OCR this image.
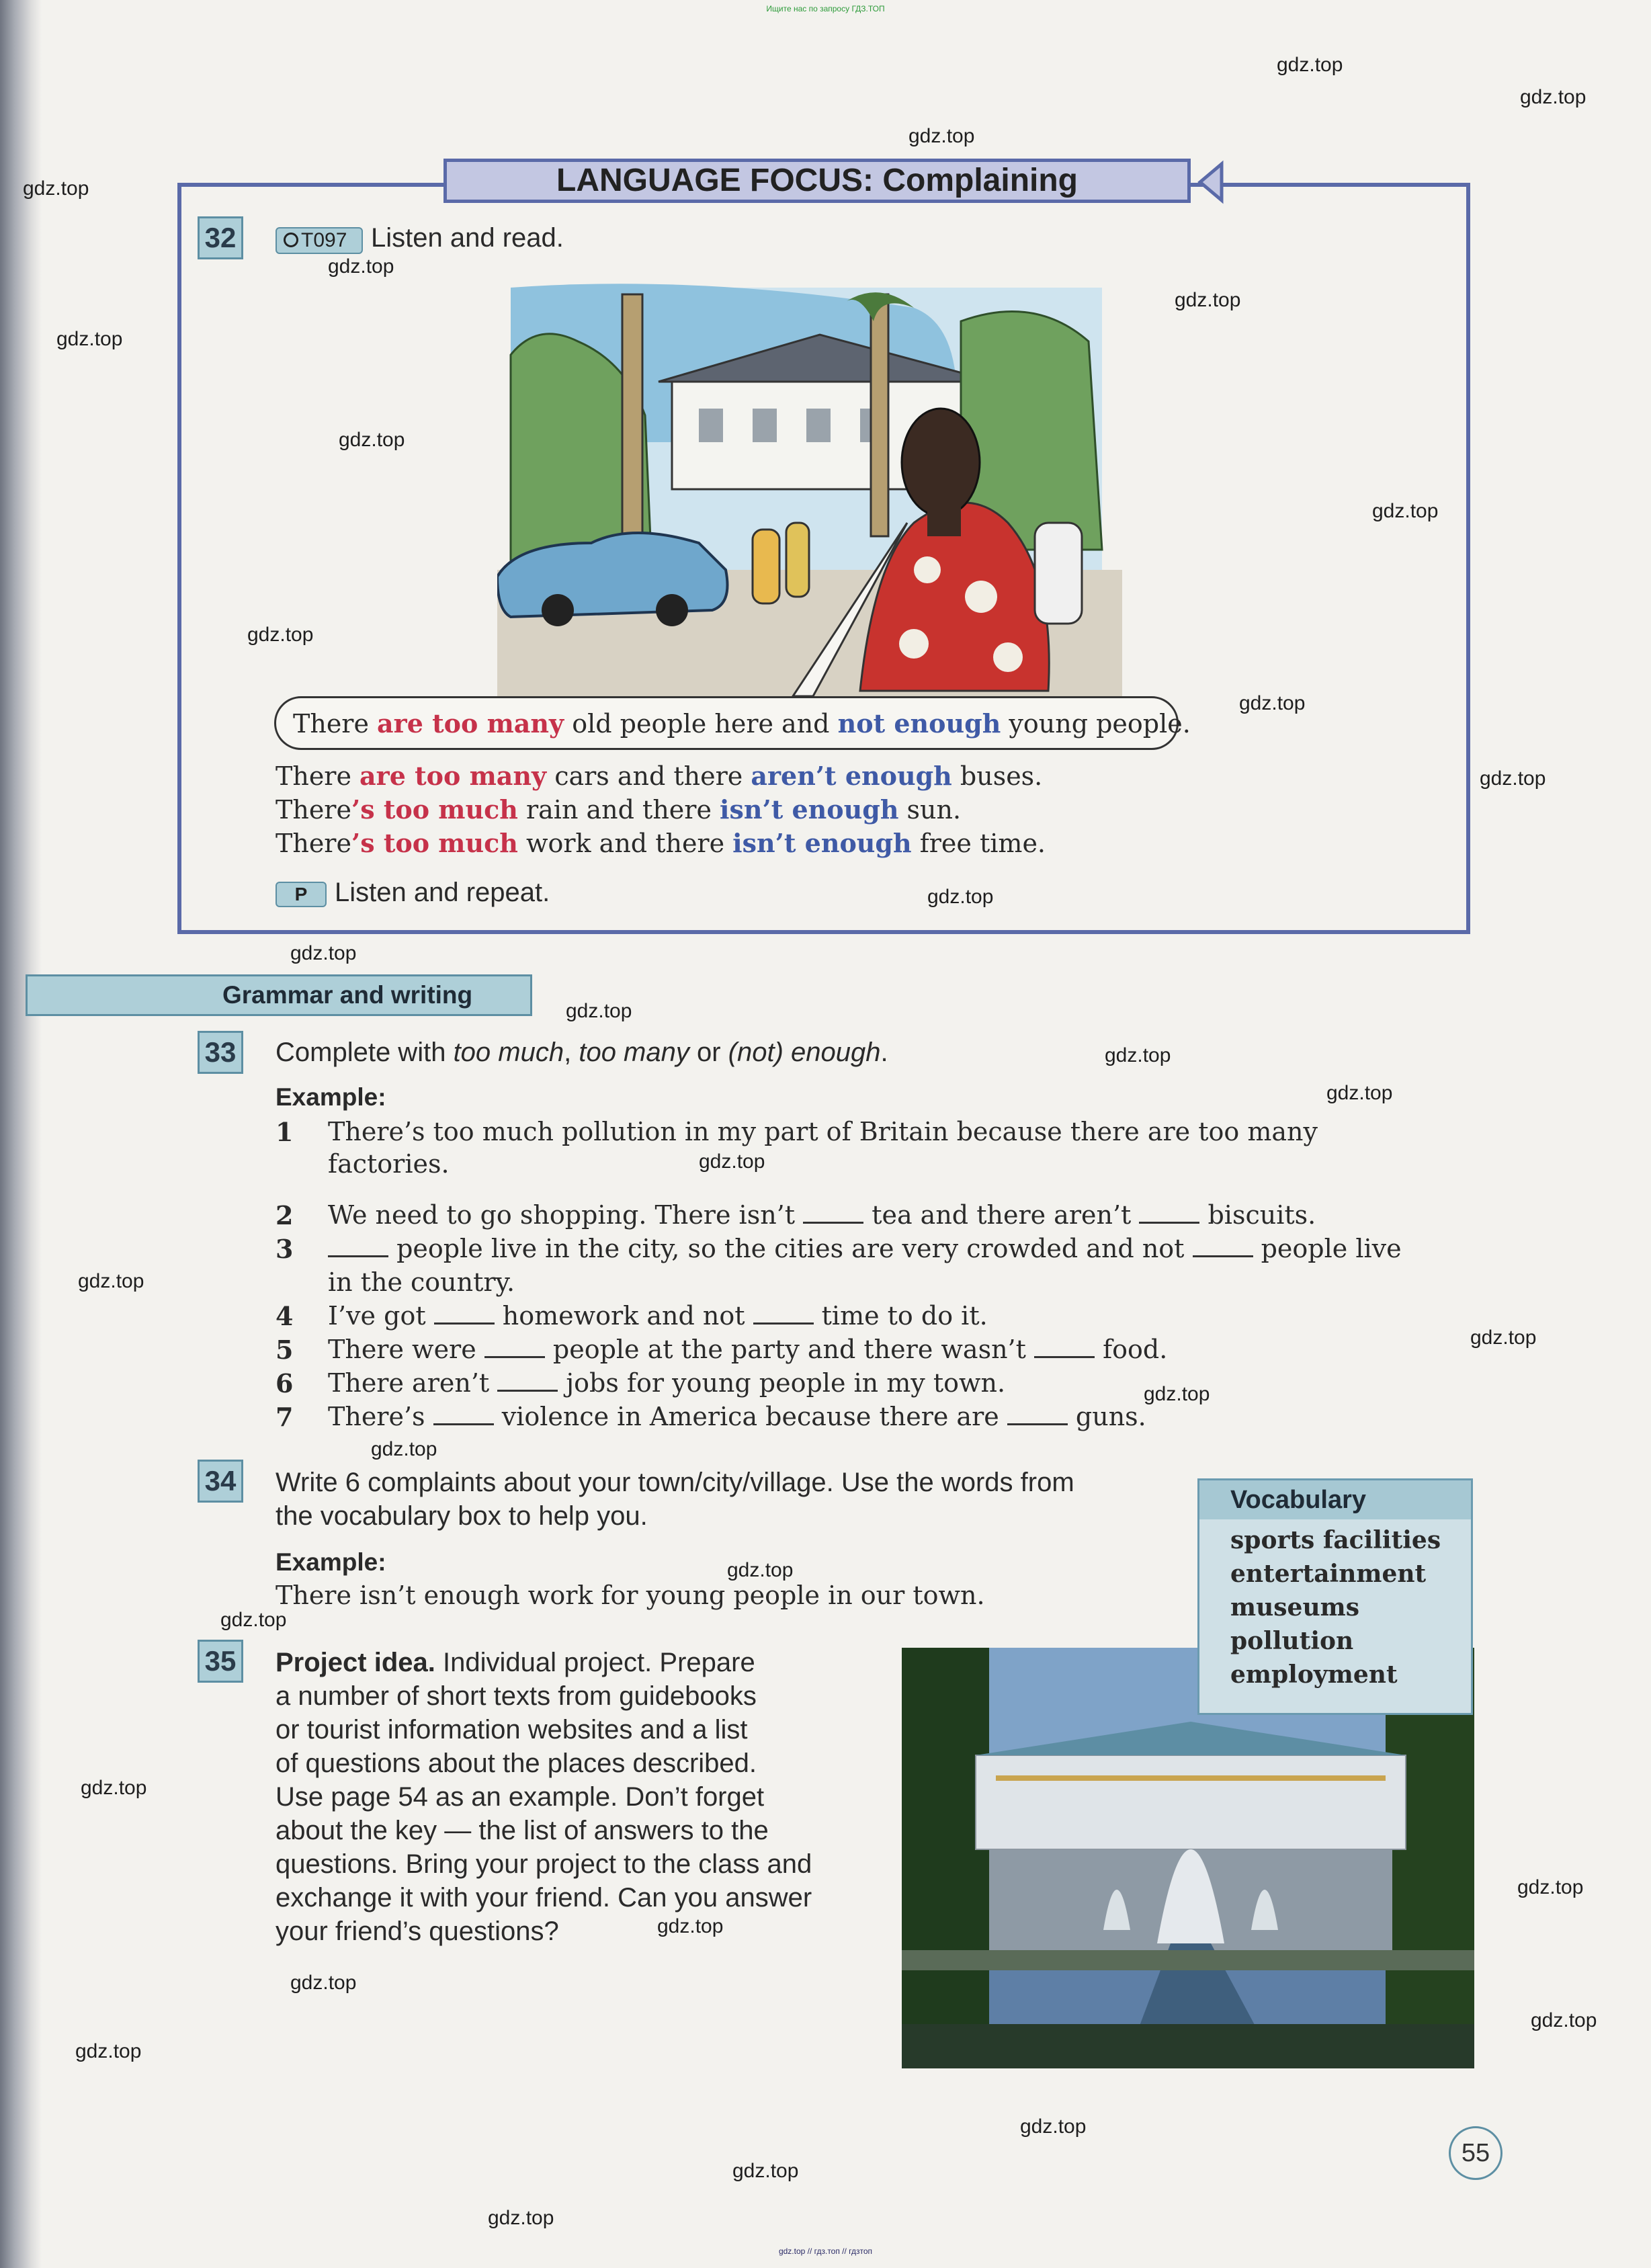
Ищите нас по запросу ГДЗ.ТОП
gdz.top
gdz.top
gdz.top
gdz.top
gdz.top
gdz.top
gdz.top
gdz.top
gdz.top
gdz.top
gdz.top
gdz.top
gdz.top
gdz.top
gdz.top
gdz.top
gdz.top
gdz.top
gdz.top
gdz.top
gdz.top
gdz.top
gdz.top
gdz.top
gdz.top
gdz.top
gdz.top
gdz.top
gdz.top
gdz.top
gdz.top
gdz.top
gdz.top
LANGUAGE FOCUS: Complaining
32	T097 Listen and read.
There are too many old people here and not enough young people.
There are too many cars and there aren’t enough buses.
There’s too much rain and there isn’t enough sun.
There’s too much work and there isn’t enough free time.
P	Listen and repeat.
Grammar and writing
33 Complete with too much, too many or (not) enough.
Example:
1 There’s too much pollution in my part of Britain because there are too many
factories.
2 We need to go shopping. There isn’t  tea and there aren’t  biscuits.
3	people live in the city, so the cities are very crowded and not  people live
in the country.
4 I’ve got  homework and not  time to do it.
5 There were  people at the party and there wasn’t  food.
6 There aren’t  jobs for young people in my town.
7 There’s  violence in America because there are  guns.
34 Write 6 complaints about your town/city/village. Use the words from
the vocabulary box to help you.
Example:
There isn’t enough work for young people in our town.
Vocabulary
sports facilities
entertainment
museums
pollution
employment
35 Project idea. Individual project. Prepare
a number of short texts from guidebooks
or tourist information websites and a list
of questions about the places described.
Use page 54 as an example. Don’t forget
about the key — the list of answers to the
questions. Bring your project to the class and
exchange it with your friend. Can you answer
your friend’s questions?
55
gdz.top // гдз.топ // гдзтоп
